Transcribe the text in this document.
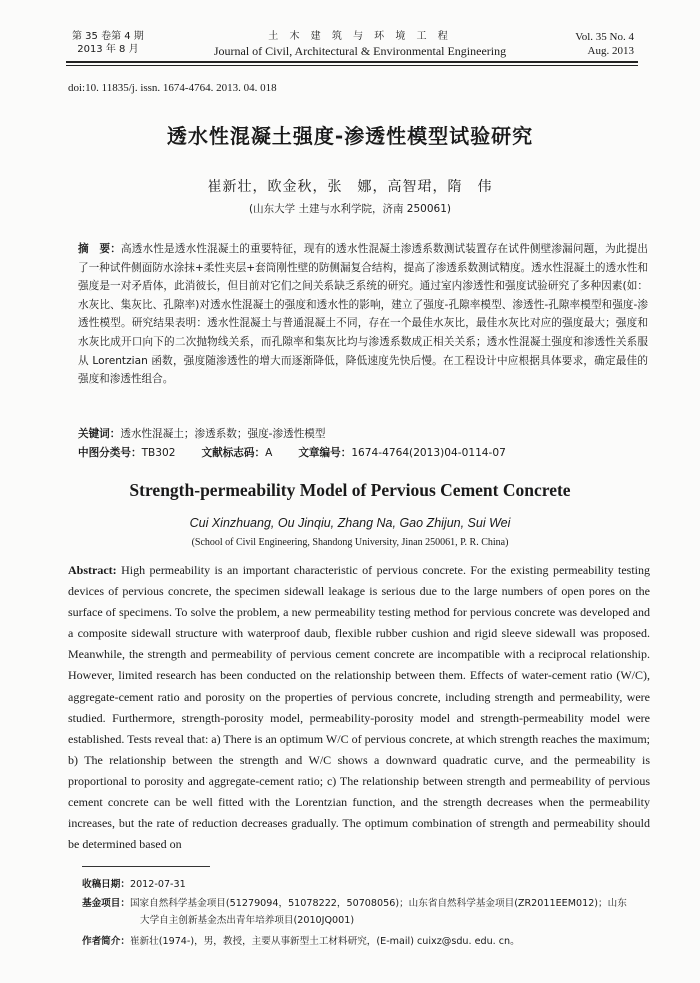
第 35 卷第 4 期
2013 年 8 月
土 木 建 筑 与 环 境 工 程
Journal of Civil, Architectural & Environmental Engineering
Vol. 35 No. 4
Aug. 2013
doi:10. 11835/j. issn. 1674-4764. 2013. 04. 018
透水性混凝土强度-渗透性模型试验研究
崔新壮，欧金秋，张　娜，高智珺，隋　伟
(山东大学 土建与水利学院，济南 250061)
摘　要：高透水性是透水性混凝土的重要特征，现有的透水性混凝土渗透系数测试装置存在试件侧壁渗漏问题，为此提出了一种试件侧面防水涂抹+柔性夹层+套筒刚性壁的防侧漏复合结构，提高了渗透系数测试精度。透水性混凝土的透水性和强度是一对矛盾体，此消彼长，但目前对它们之间关系缺乏系统的研究。通过室内渗透性和强度试验研究了多种因素(如：水灰比、集灰比、孔隙率)对透水性混凝土的强度和透水性的影响，建立了强度-孔隙率模型、渗透性-孔隙率模型和强度-渗透性模型。研究结果表明：透水性混凝土与普通混凝土不同，存在一个最佳水灰比，最佳水灰比对应的强度最大；强度和水灰比成开口向下的二次抛物线关系，而孔隙率和集灰比均与渗透系数成正相关关系；透水性混凝土强度和渗透性关系服从 Lorentzian 函数，强度随渗透性的增大而逐渐降低，降低速度先快后慢。在工程设计中应根据具体要求，确定最佳的强度和渗透性组合。
关键词：透水性混凝土；渗透系数；强度-渗透性模型
中图分类号：TB302 文献标志码：A 文章编号：1674-4764(2013)04-0114-07
Strength-permeability Model of Pervious Cement Concrete
Cui Xinzhuang, Ou Jinqiu, Zhang Na, Gao Zhijun, Sui Wei
(School of Civil Engineering, Shandong University, Jinan 250061, P. R. China)
Abstract: High permeability is an important characteristic of pervious concrete. For the existing permeability testing devices of pervious concrete, the specimen sidewall leakage is serious due to the large numbers of open pores on the surface of specimens. To solve the problem, a new permeability testing method for pervious concrete was developed and a composite sidewall structure with waterproof daub, flexible rubber cushion and rigid sleeve sidewall was proposed. Meanwhile, the strength and permeability of pervious cement concrete are incompatible with a reciprocal relationship. However, limited research has been conducted on the relationship between them. Effects of water-cement ratio (W/C), aggregate-cement ratio and porosity on the properties of pervious concrete, including strength and permeability, were studied. Furthermore, strength-porosity model, permeability-porosity model and strength-permeability model were established. Tests reveal that: a) There is an optimum W/C of pervious concrete, at which strength reaches the maximum; b) The relationship between the strength and W/C shows a downward quadratic curve, and the permeability is proportional to porosity and aggregate-cement ratio; c) The relationship between strength and permeability of pervious cement concrete can be well fitted with the Lorentzian function, and the strength decreases when the permeability increases, but the rate of reduction decreases gradually. The optimum combination of strength and permeability should be determined based on
收稿日期：2012-07-31
基金项目：国家自然科学基金项目(51279094，51078222，50708056)；山东省自然科学基金项目(ZR2011EEM012)；山东
大学自主创新基金杰出青年培养项目(2010JQ001)
作者简介：崔新壮(1974-)，男，教授，主要从事新型土工材料研究，(E-mail) cuixz@sdu. edu. cn。
